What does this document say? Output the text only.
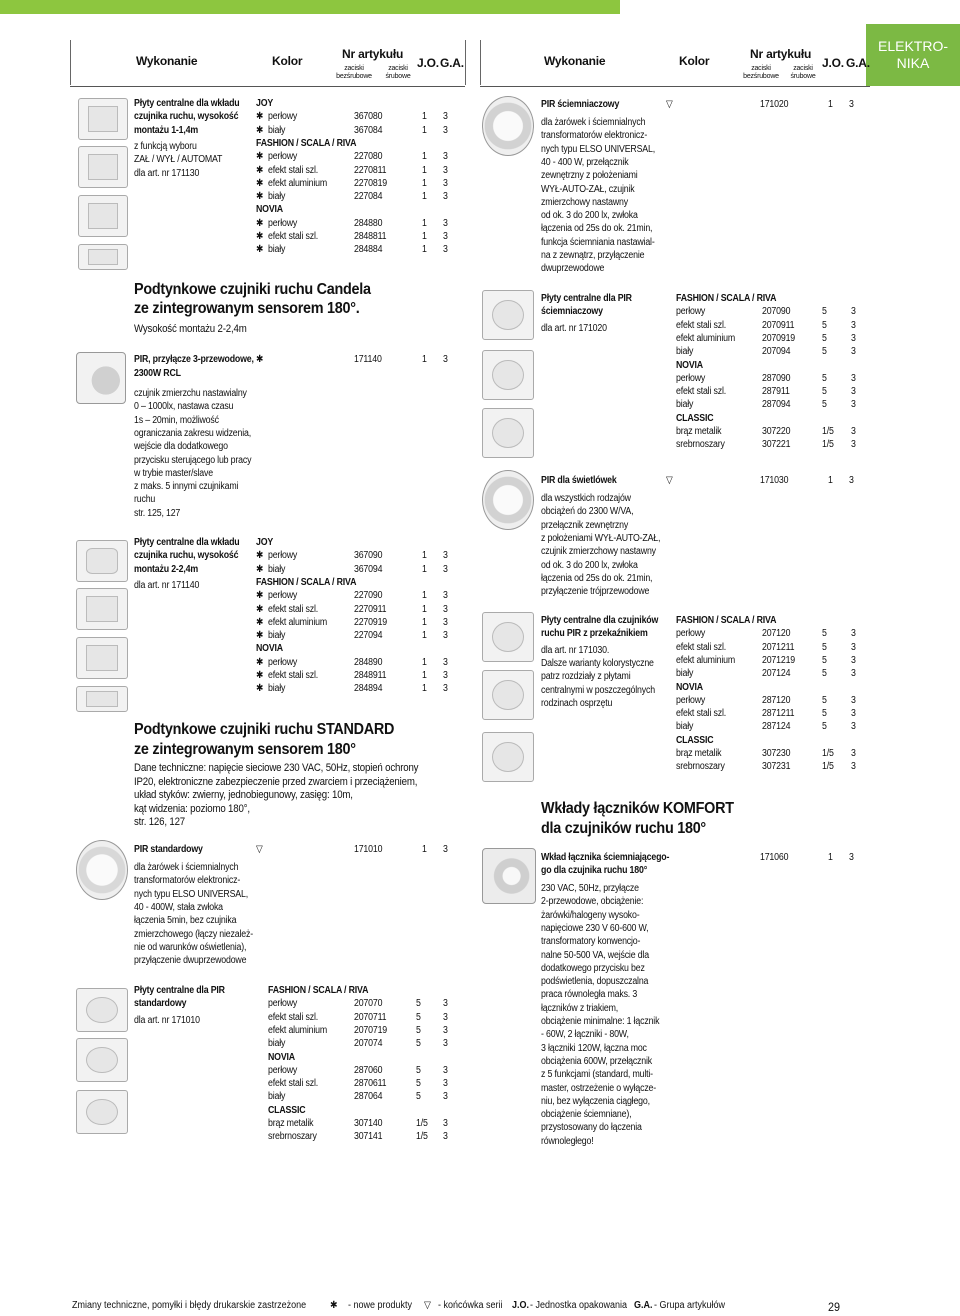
ELEKTRO-
NIKA
Wykonanie	Kolor	Nr artykułu
zaciski bezśrubowe
zaciski śrubowe
J.O. G.A.	Wykonanie	Kolor	Nr artykułu
zaciski bezśrubowe
zaciski śrubowe
J.O. G.A.
Płyty centralne dla wkładu
czujnika ruchu, wysokość
montażu 1-1,4m
z funkcją wyboru
ZAŁ / WYŁ / AUTOMAT
dla art. nr 171130
JOY
✱ perłowy	367080	1 3
✱ biały	367084	1 3
FASHION / SCALA / RIVA
✱ perłowy	227080	1 3
✱ efekt stali szl.	2270811	1 3
✱ efekt aluminium	2270819	1 3
✱ biały	227084	1 3
NOVIA
✱ perłowy	284880	1 3
✱ efekt stali szl.	2848811	1 3
✱ biały	284884	1 3
Podtynkowe czujniki ruchu Candela
ze zintegrowanym sensorem 180°.
Wysokość montażu 2-2,4m
PIR, przyłącze 3-przewodowe,
2300W RCL
✱	171140	1 3
czujnik zmierzchu nastawialny
0 – 1000lx, nastawa czasu
1s – 20min, możliwość
ograniczania zakresu widzenia,
wejście dla dodatkowego
przycisku sterującego lub pracy
w trybie master/slave
z maks. 5 innymi czujnikami
ruchu
str. 125, 127
Płyty centralne dla wkładu
czujnika ruchu, wysokość
montażu 2-2,4m
dla art. nr 171140
JOY
✱ perłowy	367090	1 3
✱ biały	367094	1 3
FASHION / SCALA / RIVA
✱ perłowy	227090	1 3
✱ efekt stali szl.	2270911	1 3
✱ efekt aluminium	2270919	1 3
✱ biały	227094	1 3
NOVIA
✱ perłowy	284890	1 3
✱ efekt stali szl.	2848911	1 3
✱ biały	284894	1 3
Podtynkowe czujniki ruchu STANDARD
ze zintegrowanym sensorem 180°
Dane techniczne: napięcie sieciowe 230 VAC, 50Hz, stopień ochrony
IP20, elektroniczne zabezpieczenie przed zwarciem i przeciążeniem,
układ styków: zwierny, jednobiegunowy, zasięg: 10m,
kąt widzenia: poziomo 180°,
str. 126, 127
PIR standardowy	▽	171010	1 3
dla żarówek i ściemnialnych
transformatorów elektronicz-
nych typu ELSO UNIVERSAL,
40 - 400W, stała zwłoka
łączenia 5min, bez czujnika
zmierzchowego (łączy niezależ-
nie od warunków oświetlenia),
przyłączenie dwuprzewodowe
Płyty centralne dla PIR
standardowy
dla art. nr 171010
FASHION / SCALA / RIVA
perłowy	207070	5 3
efekt stali szl.	2070711	5 3
efekt aluminium	2070719	5 3
biały	207074	5 3
NOVIA
perłowy	287060	5 3
efekt stali szl.	2870611	5 3
biały	287064	5 3
CLASSIC
brąz metalik	307140	1/5 3
srebrnoszary	307141	1/5 3
PIR ściemniaczowy	▽	171020	1 3
dla żarówek i ściemnialnych
transformatorów elektronicz-
nych typu ELSO UNIVERSAL,
40 - 400 W, przełącznik
zewnętrzny z położeniami
WYŁ-AUTO-ZAŁ, czujnik
zmierzchowy nastawny
od ok. 3 do 200 lx, zwłoka
łączenia od 25s do ok. 21min,
funkcja ściemniania nastawial-
na z zewnątrz, przyłączenie
dwuprzewodowe
Płyty centralne dla PIR
ściemniaczowy
dla art. nr 171020
FASHION / SCALA / RIVA
perłowy	207090	5 3
efekt stali szl.	2070911	5 3
efekt aluminium	2070919	5 3
biały	207094	5 3
NOVIA
perłowy	287090	5 3
efekt stali szl.	287911	5 3
biały	287094	5 3
CLASSIC
brąz metalik	307220	1/5 3
srebrnoszary	307221	1/5 3
PIR dla świetlówek	▽	171030	1 3
dla wszystkich rodzajów
obciążeń do 2300 W/VA,
przełącznik zewnętrzny
z położeniami WYŁ-AUTO-ZAŁ,
czujnik zmierzchowy nastawny
od ok. 3 do 200 lx, zwłoka
łączenia od 25s do ok. 21min,
przyłączenie trójprzewodowe
Płyty centralne dla czujników
ruchu PIR z przekaźnikiem
dla art. nr 171030.
Dalsze warianty kolorystyczne
patrz rozdziały z płytami
centralnymi w poszczególnych
rodzinach osprzętu
FASHION / SCALA / RIVA
perłowy	207120	5 3
efekt stali szl.	2071211	5 3
efekt aluminium	2071219	5 3
biały	207124	5 3
NOVIA
perłowy	287120	5 3
efekt stali szl.	2871211	5 3
biały	287124	5 3
CLASSIC
brąz metalik	307230	1/5 3
srebrnoszary	307231	1/5 3
Wkłady łączników KOMFORT
dla czujników ruchu 180°
Wkład łącznika ściemniającego-
go dla czujnika ruchu 180°
171060	1 3
230 VAC, 50Hz, przyłącze
2-przewodowe, obciążenie:
żarówki/halogeny wysoko-
napięciowe 230 V 60-600 W,
transformatory konwencjo-
nalne 50-500 VA, wejście dla
dodatkowego przycisku bez
podświetlenia, dopuszczalna
praca równoległa maks. 3
łączników z triakiem,
obciążenie minimalne: 1 łącznik
- 60W, 2 łączniki - 80W,
3 łączniki 120W, łączna moc
obciążenia 600W, przełącznik
z 5 funkcjami (standard, multi-
master, ostrzeżenie o wyłącze-
niu, bez wyłączenia ciągłego,
obciążenie ściemniane),
przystosowany do łączenia
równoległego!
Zmiany techniczne, pomyłki i błędy drukarskie zastrzeżone ✱ - nowe produkty ▽ - końcówka serii J.O. - Jednostka opakowania G.A. - Grupa artykułów	29
